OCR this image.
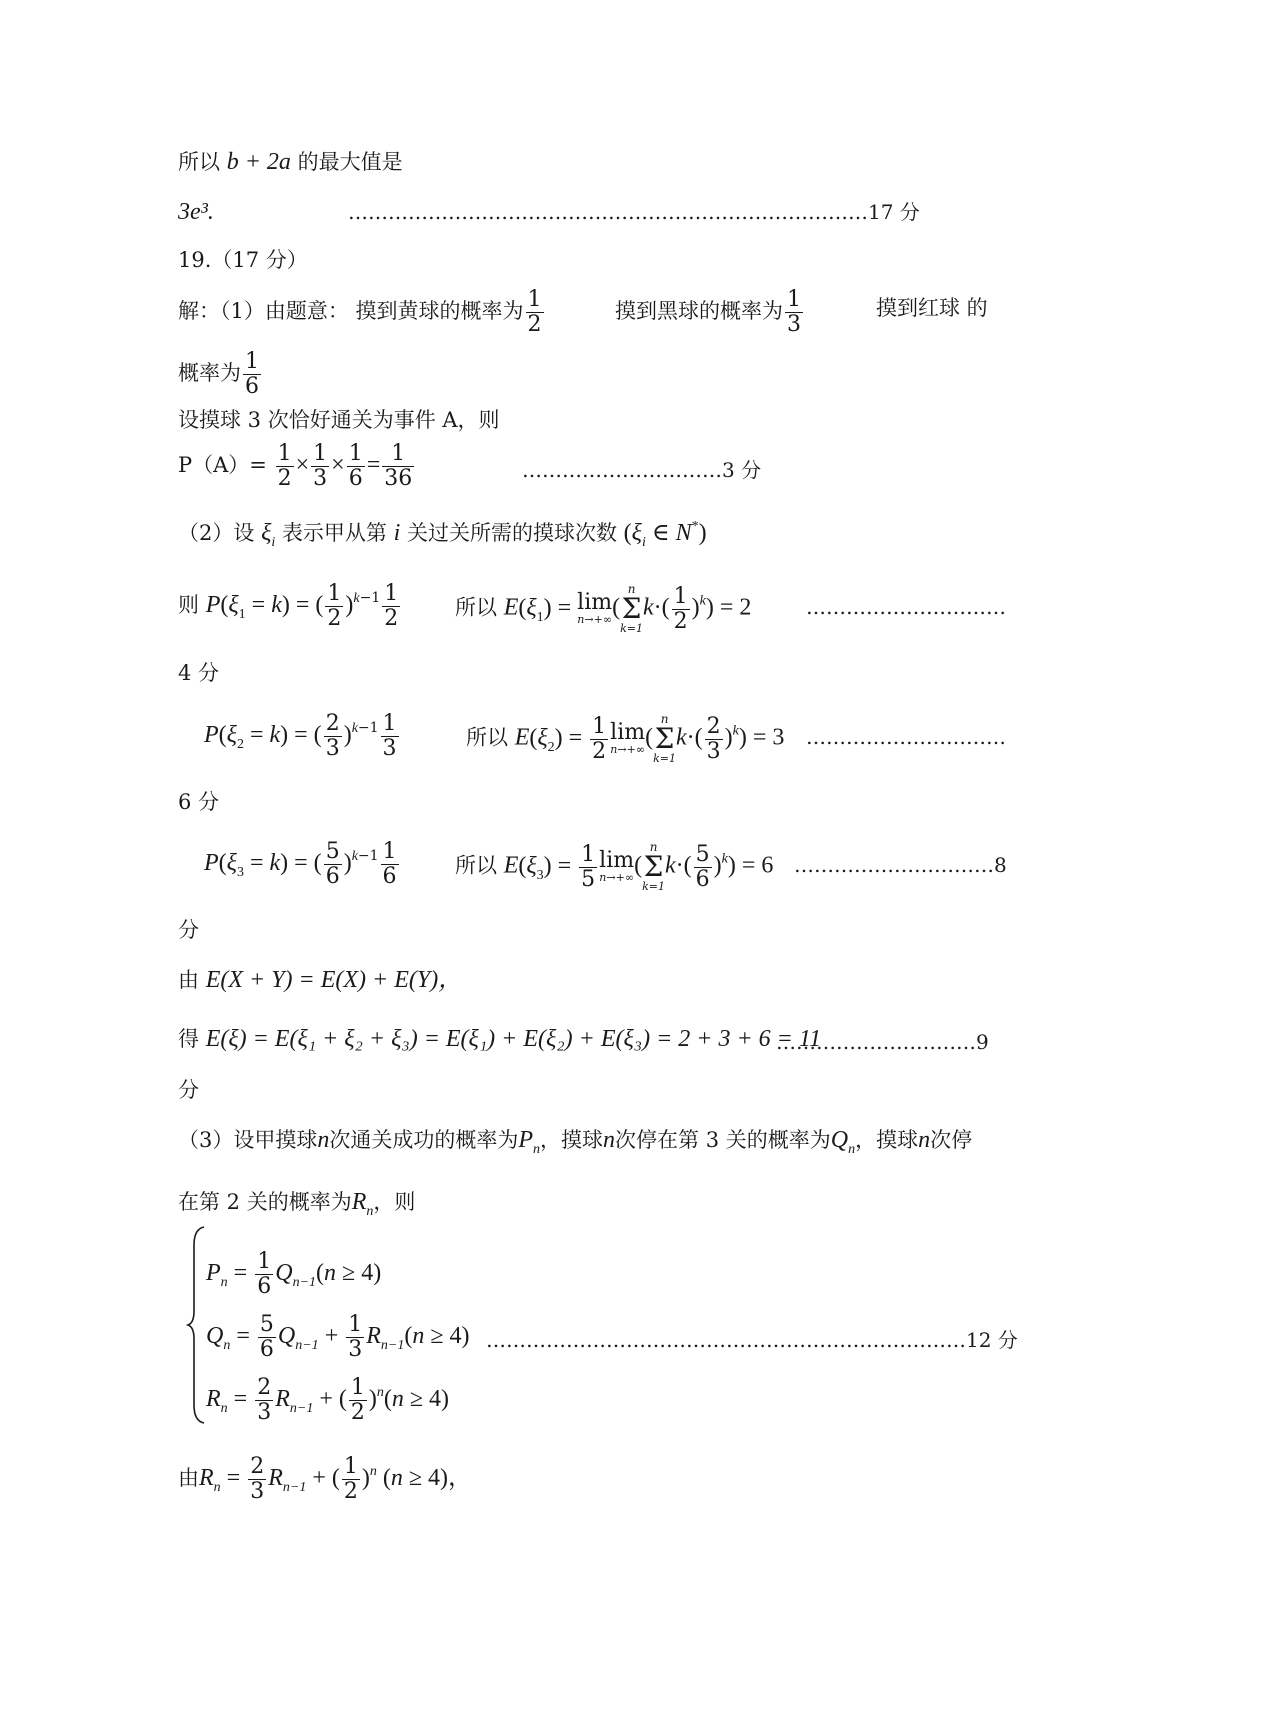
所以 b + 2a 的最大值是
3e³.	……………………………………………………………………17 分
19.（17 分）
解：（1）由题意： 摸到黄球的概率为 $\frac{1}{2}$	摸到黑球的概率为 $\frac{1}{3}$	摸到红球 的
概率为 $\frac{1}{6}$
设摸球 3 次恰好通关为事件 A，则
$P(A)= \frac{1}{2} \times \frac{1}{3} \times \frac{1}{6} = \frac{1}{36}$	…………………………3 分
（2）设 $\xi_i$ 表示甲从第 i 关过关所需的摸球次数 ($\xi_i$ ∈ N*)
则 $P(\xi_1 = k)$ = ( $\frac{1}{2} )^{k-1} \frac{1}{2}$	所以 $E(\xi_1) = \lim$
n→+∞ (
n
Σ
k=1
$k\cdot( \frac{1}{2} )^k) = 2$	…………………………
4 分
$P(\xi_2 = k)$ = ( $\frac{2}{3} )^{k-1} \frac{1}{3}$	所以 $E(\xi_2) = \frac{1}{2}$ lim
n→+∞ (
n
Σ
k=1
$k\cdot( \frac{2}{3} )^k) = 3$ …………………………
6 分
$P(\xi_3 = k)$ = ( $\frac{5}{6} )^{k-1} \frac{1}{6}$	所以 $E(\xi_3) = \frac{1}{5}$ lim
n→+∞ (
n
Σ
k=1
$k\cdot( \frac{5}{6} )^k) = 6$ …………………………8
分
由 E(X + Y) = E(X) + E(Y)，
得 E(ξ) = E(ξ₁ + ξ₂ + ξ₃) = E(ξ₁) + E(ξ₂) + E(ξ₃) = 2 + 3 + 6 = 11
…………………………9
分
（3）设甲摸球n次通关成功的概率为$P_n$，摸球n次停在第 3 关的概率为$Q_n$，摸球n次停
在第 2 关的概率为$R_n$，则
$P_n = \frac{1}{6} Q_{n-1}(n \ge 4)$
$Q_n = \frac{5}{6} Q_{n-1} + \frac{1}{3} R_{n-1}(n \ge 4)$ ………………………………………………………………12 分
$R_n = \frac{2}{3} R_{n-1}$ + ( $\frac{1}{2} )^n(n \ge 4)$
由$R_n = \frac{2}{3} R_{n-1}$ + ( $\frac{1}{2} )^n$ (n ≥ 4)，
